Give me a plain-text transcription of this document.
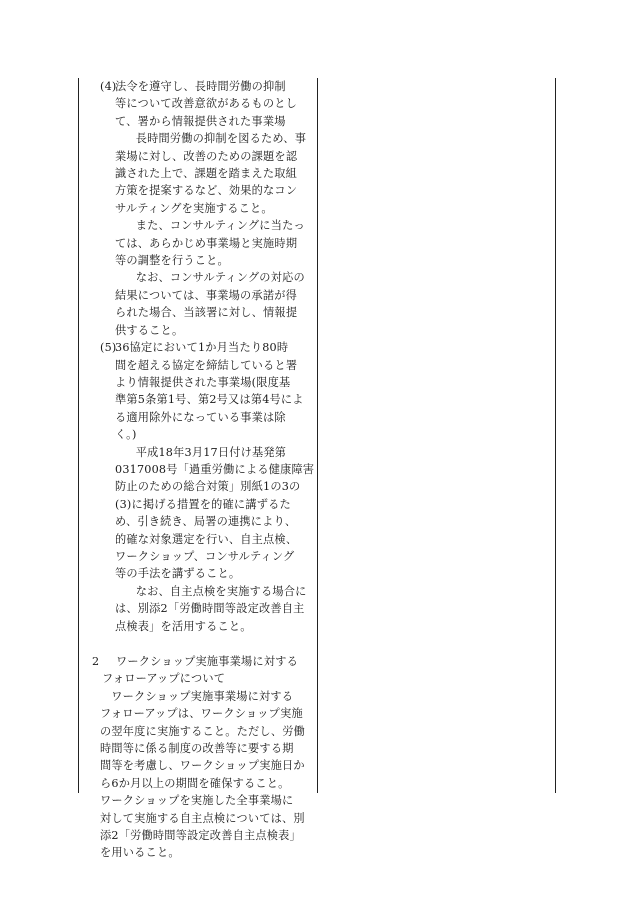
(4)
法令を遵守し、長時間労働の抑制
等について改善意欲があるものとし
て、署から情報提供された事業場
長時間労働の抑制を図るため、事
業場に対し、改善のための課題を認
識された上で、課題を踏まえた取組
方策を提案するなど、効果的なコン
サルティングを実施すること。
また、コンサルティングに当たっ
ては、あらかじめ事業場と実施時期
等の調整を行うこと。
なお、コンサルティングの対応の
結果については、事業場の承諾が得
られた場合、当該署に対し、情報提
供すること。
(5)
36協定において1か月当たり80時
間を超える協定を締結していると署
より情報提供された事業場(限度基
準第5条第1号、第2号又は第4号によ
る適用除外になっている事業は除
く。)
平成18年3月17日付け基発第
0317008号「過重労働による健康障害
防止のための総合対策」別紙1の3の
(3)に掲げる措置を的確に講ずるた
め、引き続き、局署の連携により、
的確な対象選定を行い、自主点検、
ワークショップ、コンサルティング
等の手法を講ずること。
なお、自主点検を実施する場合に
は、別添2「労働時間等設定改善自主
点検表」を活用すること。
2 ワークショップ実施事業場に対する
フォローアップについて
ワークショップ実施事業場に対する
フォローアップは、ワークショップ実施
の翌年度に実施すること。ただし、労働
時間等に係る制度の改善等に要する期
間等を考慮し、ワークショップ実施日か
ら6か月以上の期間を確保すること。
ワークショップを実施した全事業場に
対して実施する自主点検については、別
添2「労働時間等設定改善自主点検表」
を用いること。
